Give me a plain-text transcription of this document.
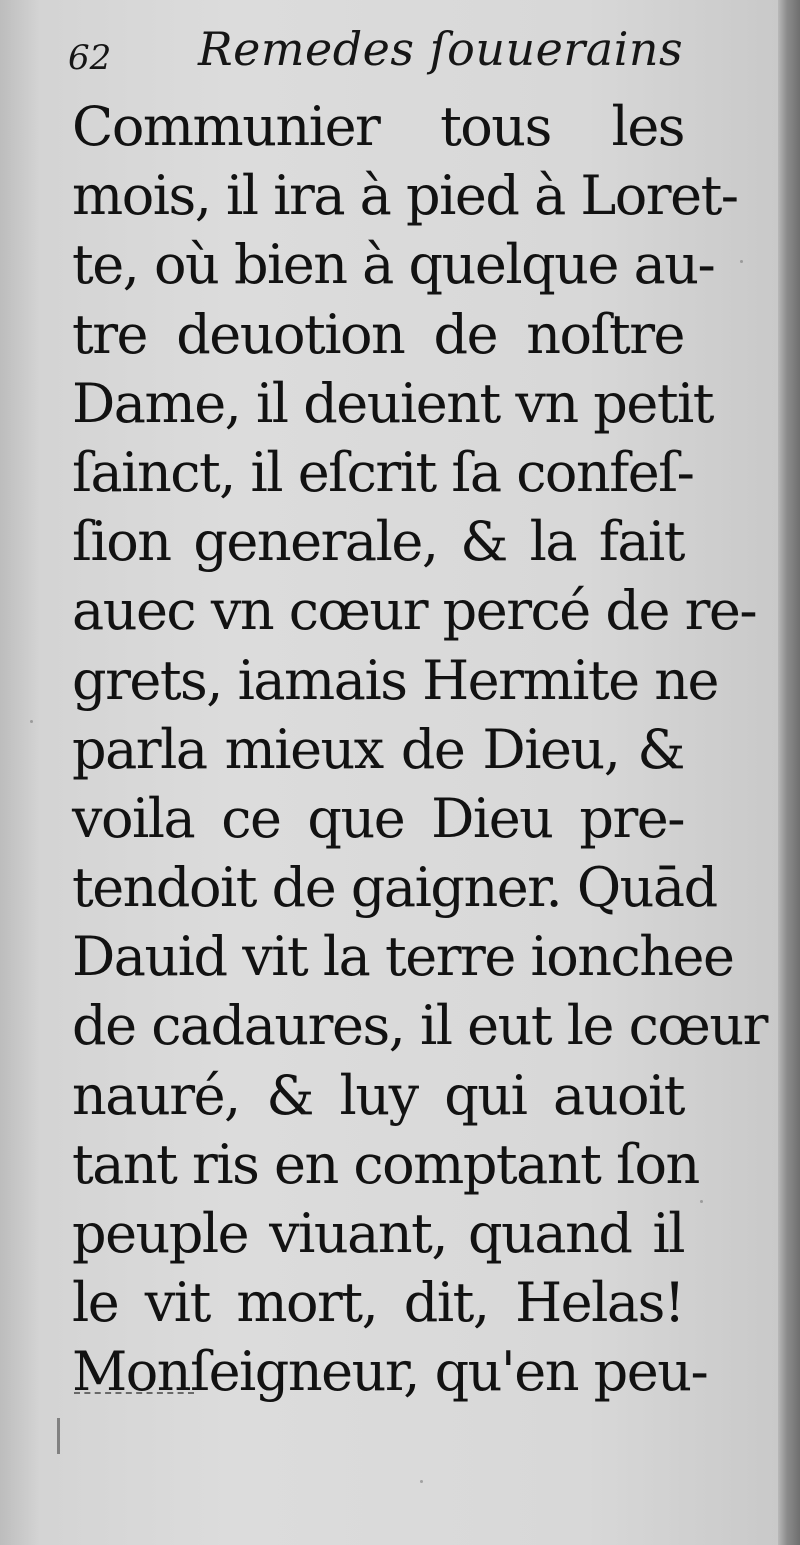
62 Remedes ſouuerains
Communier tous les
mois, il ira à pied à Loret-
te, où bien à quelque au-
tre deuotion de noſtre
Dame, il deuient vn petit
ſainct, il eſcrit ſa confeſ-
ſion generale, & la fait
auec vn cœur percé de re-
grets, iamais Hermite ne
parla mieux de Dieu, &
voila ce que Dieu pre-
tendoit de gaigner. Quād
Dauid vit la terre ionchee
de cadaures, il eut le cœur
nauré, & luy qui auoit
tant ris en comptant ſon
peuple viuant, quand il
le vit mort, dit, Helas!
Monſeigneur, qu'en peu-
